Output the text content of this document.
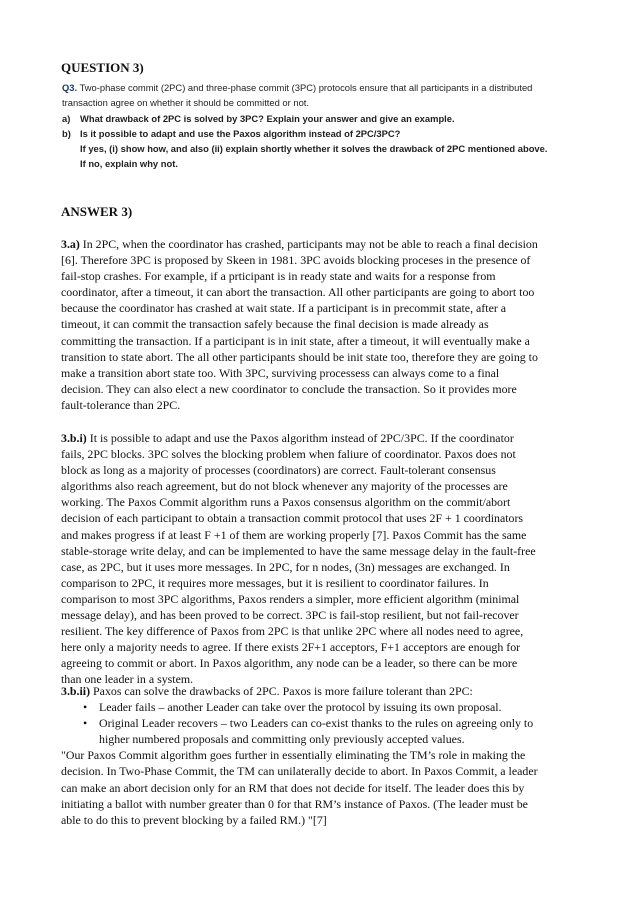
QUESTION 3)
Q3. Two-phase commit (2PC) and three-phase commit (3PC) protocols ensure that all participants in a distributed
transaction agree on whether it should be committed or not.
a) What drawback of 2PC is solved by 3PC? Explain your answer and give an example.
b) Is it possible to adapt and use the Paxos algorithm instead of 2PC/3PC?
If yes, (i) show how, and also (ii) explain shortly whether it solves the drawback of 2PC mentioned above.
If no, explain why not.
ANSWER 3)
3.a) In 2PC, when the coordinator has crashed, participants may not be able to reach a final decision
[6]. Therefore 3PC is proposed by Skeen in 1981. 3PC avoids blocking proceses in the presence of
fail-stop crashes. For example, if a prticipant is in ready state and waits for a response from
coordinator, after a timeout, it can abort the transaction. All other participants are going to abort too
because the coordinator has crashed at wait state. If a participant is in precommit state, after a
timeout, it can commit the transaction safely because the final decision is made already as
committing the transaction. If a participant is in init state, after a timeout, it will eventually make a
transition to state abort. The all other participants should be init state too, therefore they are going to
make a transition abort state too. With 3PC, surviving processess can always come to a final
decision. They can also elect a new coordinator to conclude the transaction. So it provides more
fault-tolerance than 2PC.
3.b.i) It is possible to adapt and use the Paxos algorithm instead of 2PC/3PC. If the coordinator
fails, 2PC blocks. 3PC solves the blocking problem when faliure of coordinator. Paxos does not
block as long as a majority of processes (coordinators) are correct. Fault-tolerant consensus
algorithms also reach agreement, but do not block whenever any majority of the processes are
working. The Paxos Commit algorithm runs a Paxos consensus algorithm on the commit/abort
decision of each participant to obtain a transaction commit protocol that uses 2F + 1 coordinators
and makes progress if at least F +1 of them are working properly [7]. Paxos Commit has the same
stable-storage write delay, and can be implemented to have the same message delay in the fault-free
case, as 2PC, but it uses more messages. In 2PC, for n nodes, (3n) messages are exchanged. In
comparison to 2PC, it requires more messages, but it is resilient to coordinator failures. In
comparison to most 3PC algorithms, Paxos renders a simpler, more efficient algorithm (minimal
message delay), and has been proved to be correct. 3PC is fail-stop resilient, but not fail-recover
resilient. The key difference of Paxos from 2PC is that unlike 2PC where all nodes need to agree,
here only a majority needs to agree. If there exists 2F+1 acceptors, F+1 acceptors are enough for
agreeing to commit or abort. In Paxos algorithm, any node can be a leader, so there can be more
than one leader in a system.
3.b.ii) Paxos can solve the drawbacks of 2PC. Paxos is more failure tolerant than 2PC:
• Leader fails – another Leader can take over the protocol by issuing its own proposal.
• Original Leader recovers – two Leaders can co-exist thanks to the rules on agreeing only to
higher numbered proposals and committing only previously accepted values.
"Our Paxos Commit algorithm goes further in essentially eliminating the TM’s role in making the
decision. In Two-Phase Commit, the TM can unilaterally decide to abort. In Paxos Commit, a leader
can make an abort decision only for an RM that does not decide for itself. The leader does this by
initiating a ballot with number greater than 0 for that RM’s instance of Paxos. (The leader must be
able to do this to prevent blocking by a failed RM.) "[7]
